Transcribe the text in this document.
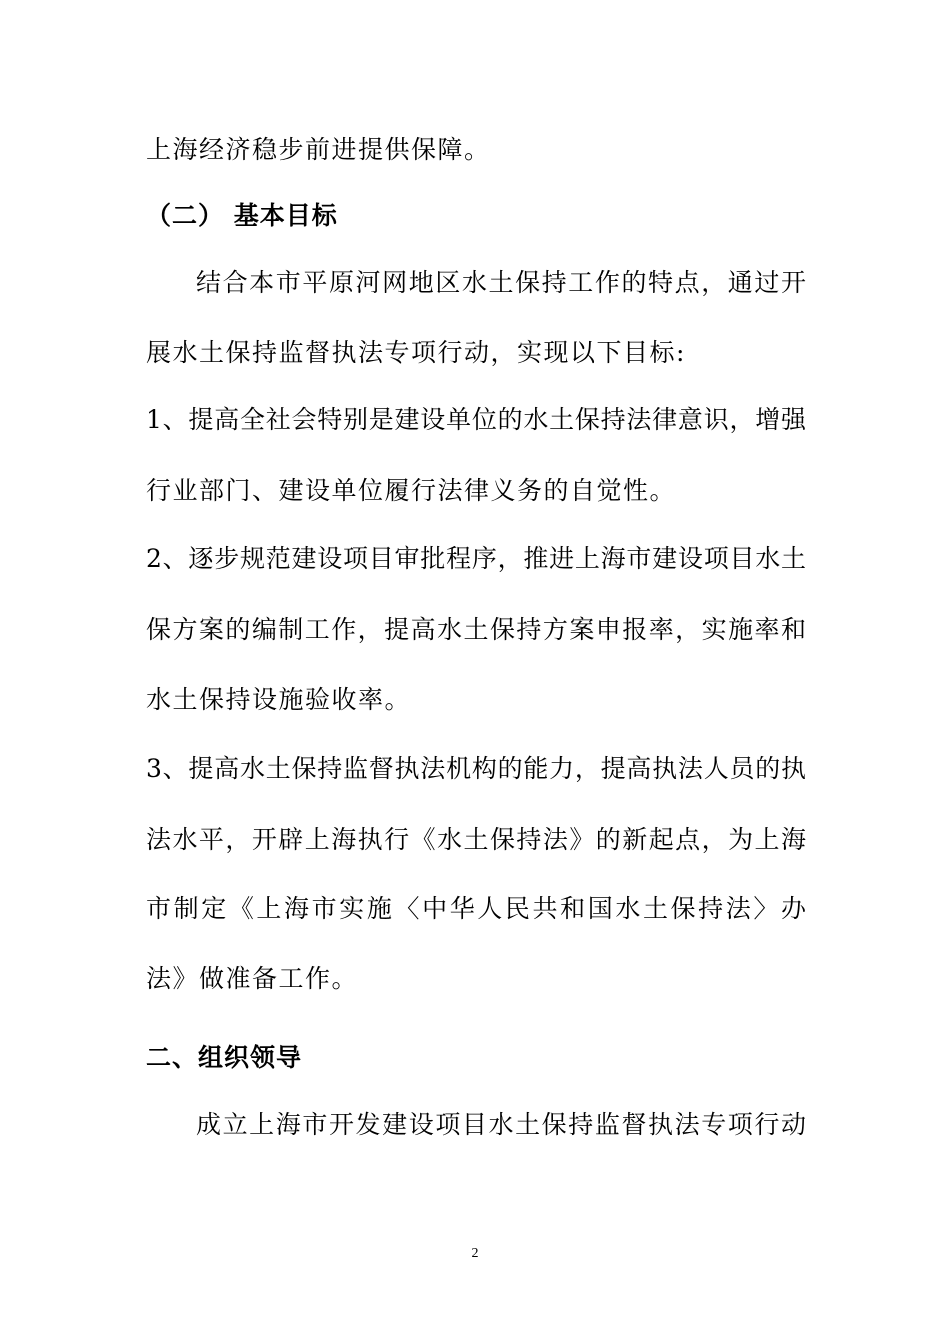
上海经济稳步前进提供保障。
（二） 基本目标
结合本市平原河网地区水土保持工作的特点，通过开
展水土保持监督执法专项行动，实现以下目标:
1、提高全社会特别是建设单位的水土保持法律意识，增强
行业部门、建设单位履行法律义务的自觉性。
2、逐步规范建设项目审批程序，推进上海市建设项目水土
保方案的编制工作，提高水土保持方案申报率，实施率和
水土保持设施验收率。
3、提高水土保持监督执法机构的能力，提高执法人员的执
法水平，开辟上海执行《水土保持法》的新起点，为上海
市制定《上海市实施〈中华人民共和国水土保持法〉办
法》做准备工作。
二、组织领导
成立上海市开发建设项目水土保持监督执法专项行动
2
